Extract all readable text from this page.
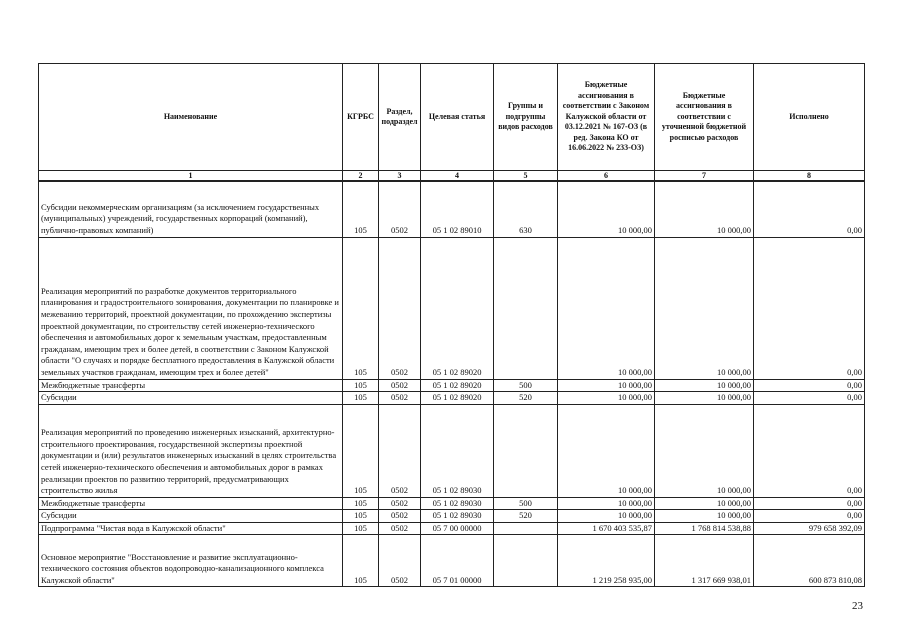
Наименование	КГРБС	Раздел, подраздел	Целевая статья	Группы и подгруппы видов расходов	Бюджетные ассигнования в соответствии с Законом Калужской области от 03.12.2021 № 167-ОЗ (в ред. Закона КО от 16.06.2022 № 233-ОЗ)	Бюджетные ассигнования в соответствии с уточненной бюджетной росписью расходов	Исполнено
1	2	3	4	5	6	7	8
Субсидии некоммерческим организациям (за исключением государственных (муниципальных) учреждений, государственных корпораций (компаний), публично-правовых компаний)	105	0502	05 1 02 89010	630	10 000,00	10 000,00	0,00
Реализация мероприятий по разработке документов территориального планирования и градостроительного зонирования, документации по планировке и межеванию территорий, проектной документации, по прохождению экспертизы проектной документации, по строительству сетей инженерно-технического обеспечения и автомобильных дорог к земельным участкам, предоставленным гражданам, имеющим трех и более детей, в соответствии с Законом Калужской области "О случаях и порядке бесплатного предоставления в Калужской области земельных участков гражданам, имеющим трех и более детей"	105	0502	05 1 02 89020		10 000,00	10 000,00	0,00
Межбюджетные трансферты	105	0502	05 1 02 89020	500	10 000,00	10 000,00	0,00
Субсидии	105	0502	05 1 02 89020	520	10 000,00	10 000,00	0,00
Реализация мероприятий по проведению инженерных изысканий, архитектурно-строительного проектирования, государственной экспертизы проектной документации и (или) результатов инженерных изысканий в целях строительства сетей инженерно-технического обеспечения и автомобильных дорог в рамках реализации проектов по развитию территорий, предусматривающих строительство жилья	105	0502	05 1 02 89030		10 000,00	10 000,00	0,00
Межбюджетные трансферты	105	0502	05 1 02 89030	500	10 000,00	10 000,00	0,00
Субсидии	105	0502	05 1 02 89030	520	10 000,00	10 000,00	0,00
Подпрограмма "Чистая вода в Калужской области"	105	0502	05 7 00 00000		1 670 403 535,87	1 768 814 538,88	979 658 392,09
Основное мероприятие "Восстановление и развитие эксплуатационно-технического состояния объектов водопроводно-канализационного комплекса Калужской области"	105	0502	05 7 01 00000		1 219 258 935,00	1 317 669 938,01	600 873 810,08
23
